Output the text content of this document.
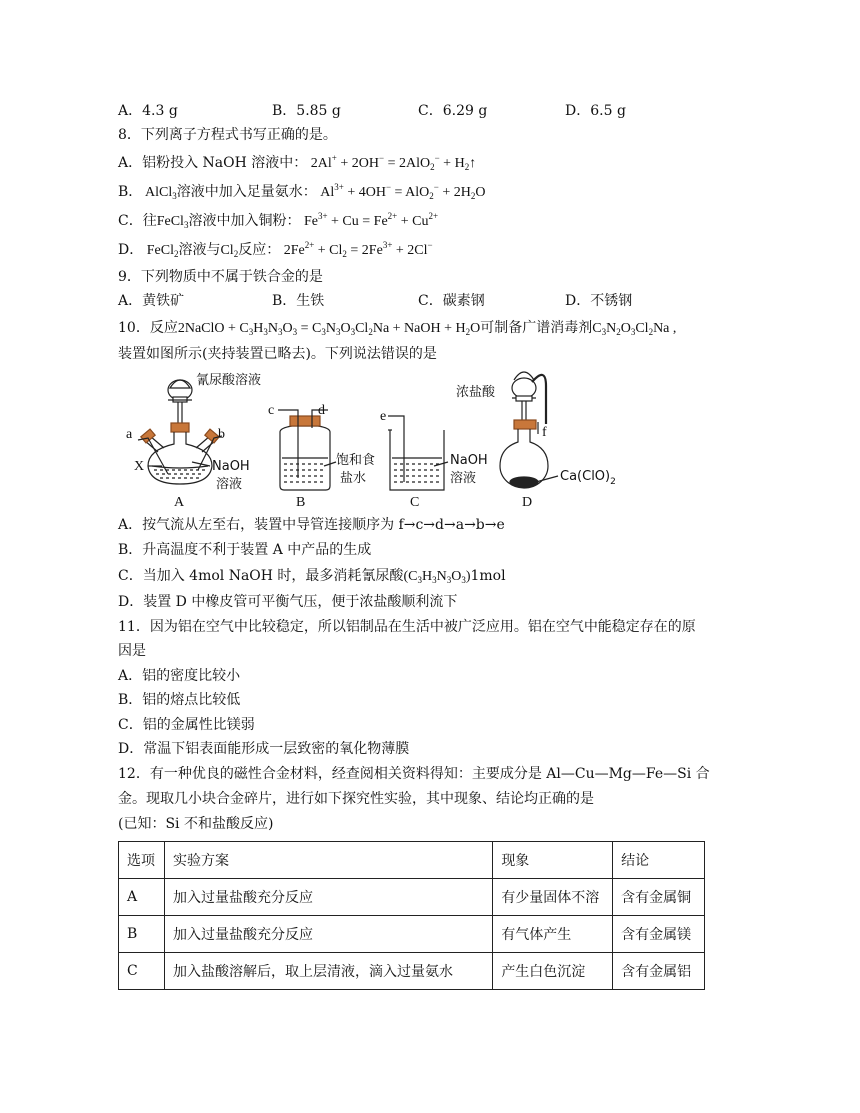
A．4.3 g	B．5.85 g	C．6.29 g	D．6.5 g
8．下列离子方程式书写正确的是。
A．铝粉投入 NaOH 溶液中： $2Al^+ + 2OH^- = 2AlO_2^- + H_2↑$
B． AlCl$_3$溶液中加入足量氨水： $Al^{3+} + 4OH^- = AlO_2^- + 2H_2O$
C．往FeCl$_3$溶液中加入铜粉： $Fe^{3+} + Cu = Fe^{2+} + Cu^{2+}$
D． FeCl$_2$溶液与$Cl_2$反应： $2Fe^{2+} + Cl_2 = 2Fe^{3+} + 2Cl^-$
9．下列物质中不属于铁合金的是
A．黄铁矿	B．生铁	C．碳素钢	D．不锈钢
10．反应2NaClO + $C_3H_3N_3O_3 = C_3N_3O_3Cl_2Na$ + NaOH + $H_2O$可制备广谱消毒剂$C_3N_2O_3Cl_2Na$ ,
装置如图所示(夹持装置已略去)。下列说法错误的是
氰尿酸溶液
a	b
X	NaOH
溶液
A
c	d
饱和食
盐水
B
e
NaOH
溶液
C
浓盐酸
f
$Ca(ClO)_2$
D
A．按气流从左至右，装置中导管连接顺序为 f→c→d→a→b→e
B．升高温度不利于装置 A 中产品的生成
C．当加入 4mol NaOH 时，最多消耗氰尿酸$(C_3H_3N_3O_3)1mol$
D．装置 D 中橡皮管可平衡气压，便于浓盐酸顺利流下
11．因为铝在空气中比较稳定，所以铝制品在生活中被广泛应用。铝在空气中能稳定存在的原
因是
A．铝的密度比较小
B．铝的熔点比较低
C．铝的金属性比镁弱
D．常温下铝表面能形成一层致密的氧化物薄膜
12．有一种优良的磁性合金材料，经查阅相关资料得知：主要成分是 Al—Cu—Mg—Fe—Si 合
金。现取几小块合金碎片，进行如下探究性实验，其中现象、结论均正确的是
(已知：Si 不和盐酸反应)
选项	实验方案	现象	结论
A	加入过量盐酸充分反应	有少量固体不溶	含有金属铜
B	加入过量盐酸充分反应	有气体产生	含有金属镁
C	加入盐酸溶解后，取上层清液，滴入过量氨水	产生白色沉淀	含有金属铝
